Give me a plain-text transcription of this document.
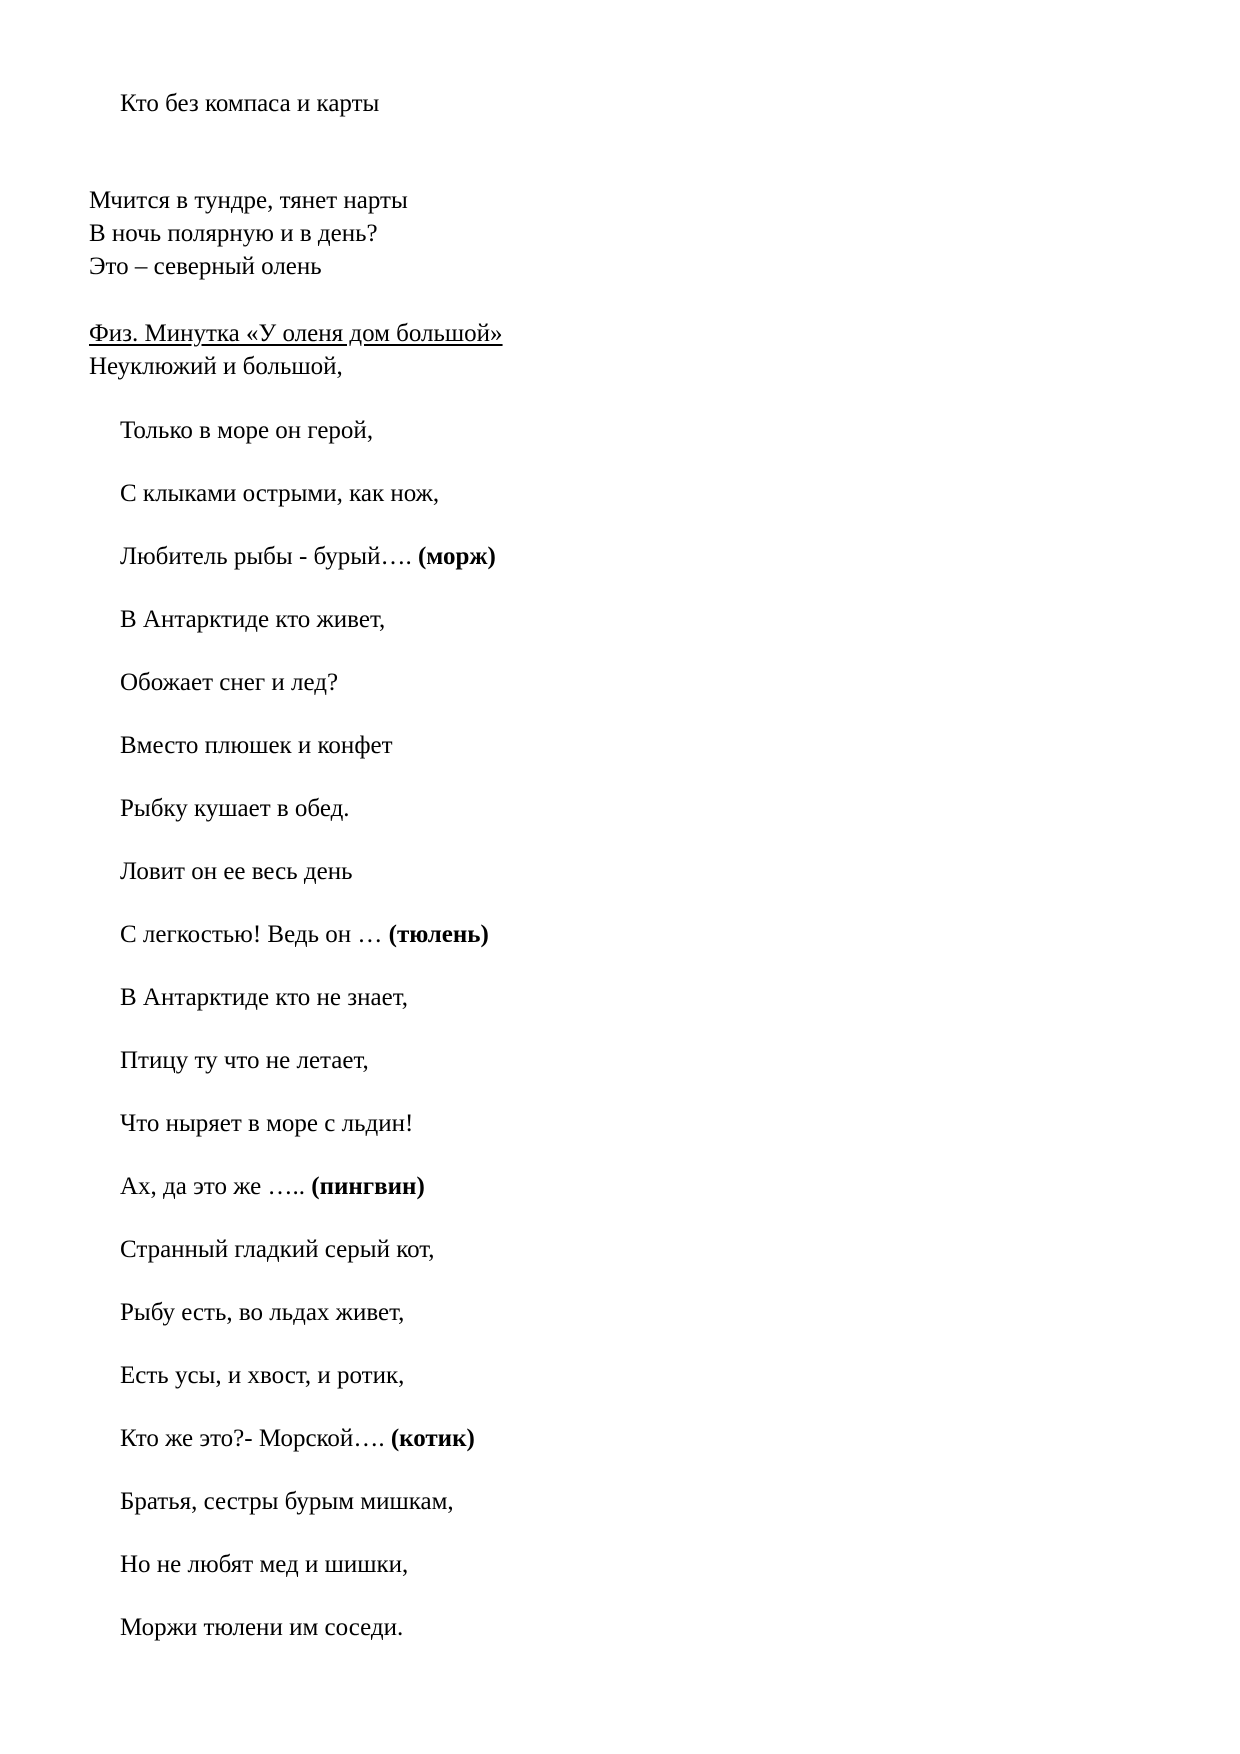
Кто без компаса и карты
Мчится в тундре, тянет нарты
В ночь полярную и в день?
Это – северный олень
Физ. Минутка «У оленя дом большой»
Неуклюжий и большой,
Только в море он герой,
С клыками острыми, как нож,
Любитель рыбы - бурый…. (морж)
В Антарктиде кто живет,
Обожает снег и лед?
Вместо плюшек и конфет
Рыбку кушает в обед.
Ловит он ее весь день
С легкостью! Ведь он … (тюлень)
В Антарктиде кто не знает,
Птицу ту что не летает,
Что ныряет в море с льдин!
Ах, да это же ….. (пингвин)
Странный гладкий серый кот,
Рыбу есть, во льдах живет,
Есть усы, и хвост, и ротик,
Кто же это?- Морской…. (котик)
Братья, сестры бурым мишкам,
Но не любят мед и шишки,
Моржи тюлени им соседи.
